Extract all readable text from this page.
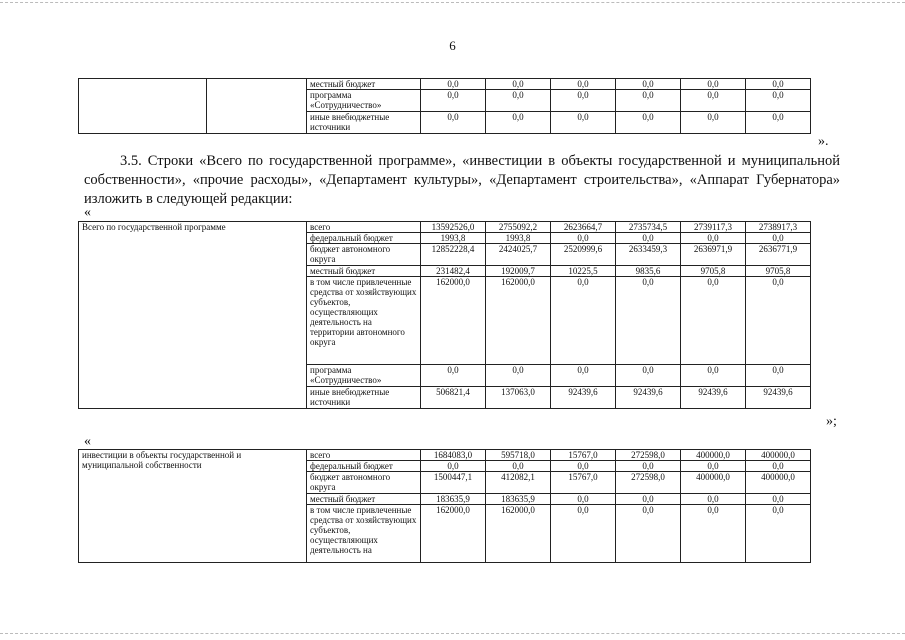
6
		местный бюджет	0,0	0,0	0,0	0,0	0,0	0,0
		программа «Сотрудничество»	0,0	0,0	0,0	0,0	0,0	0,0
		иные внебюджетные источники	0,0	0,0	0,0	0,0	0,0	0,0
».

3.5. Строки «Всего по государственной программе», «инвестиции в объекты государственной и муниципальной собственности», «прочие расходы», «Департамент культуры», «Департамент строительства», «Аппарат Губернатора» изложить в следующей редакции:

«
Всего по государственной программе	всего	13592526,0	2755092,2	2623664,7	2735734,5	2739117,3	2738917,3
	федеральный бюджет	1993,8	1993,8	0,0	0,0	0,0	0,0
	бюджет автономного округа	12852228,4	2424025,7	2520999,6	2633459,3	2636971,9	2636771,9
	местный бюджет	231482,4	192009,7	10225,5	9835,6	9705,8	9705,8
	в том числе привлеченные средства от хозяйствующих субъектов, осуществляющих деятельность на территории автономного округа	162000,0	162000,0	0,0	0,0	0,0	0,0
	программа «Сотрудничество»	0,0	0,0	0,0	0,0	0,0	0,0
	иные внебюджетные источники	506821,4	137063,0	92439,6	92439,6	92439,6	92439,6
»;
«
инвестиции в объекты государственной и муниципальной собственности	всего	1684083,0	595718,0	15767,0	272598,0	400000,0	400000,0
	федеральный бюджет	0,0	0,0	0,0	0,0	0,0	0,0
	бюджет автономного округа	1500447,1	412082,1	15767,0	272598,0	400000,0	400000,0
	местный бюджет	183635,9	183635,9	0,0	0,0	0,0	0,0
	в том числе привлеченные средства от хозяйствующих субъектов, осуществляющих деятельность на	162000,0	162000,0	0,0	0,0	0,0	0,0
